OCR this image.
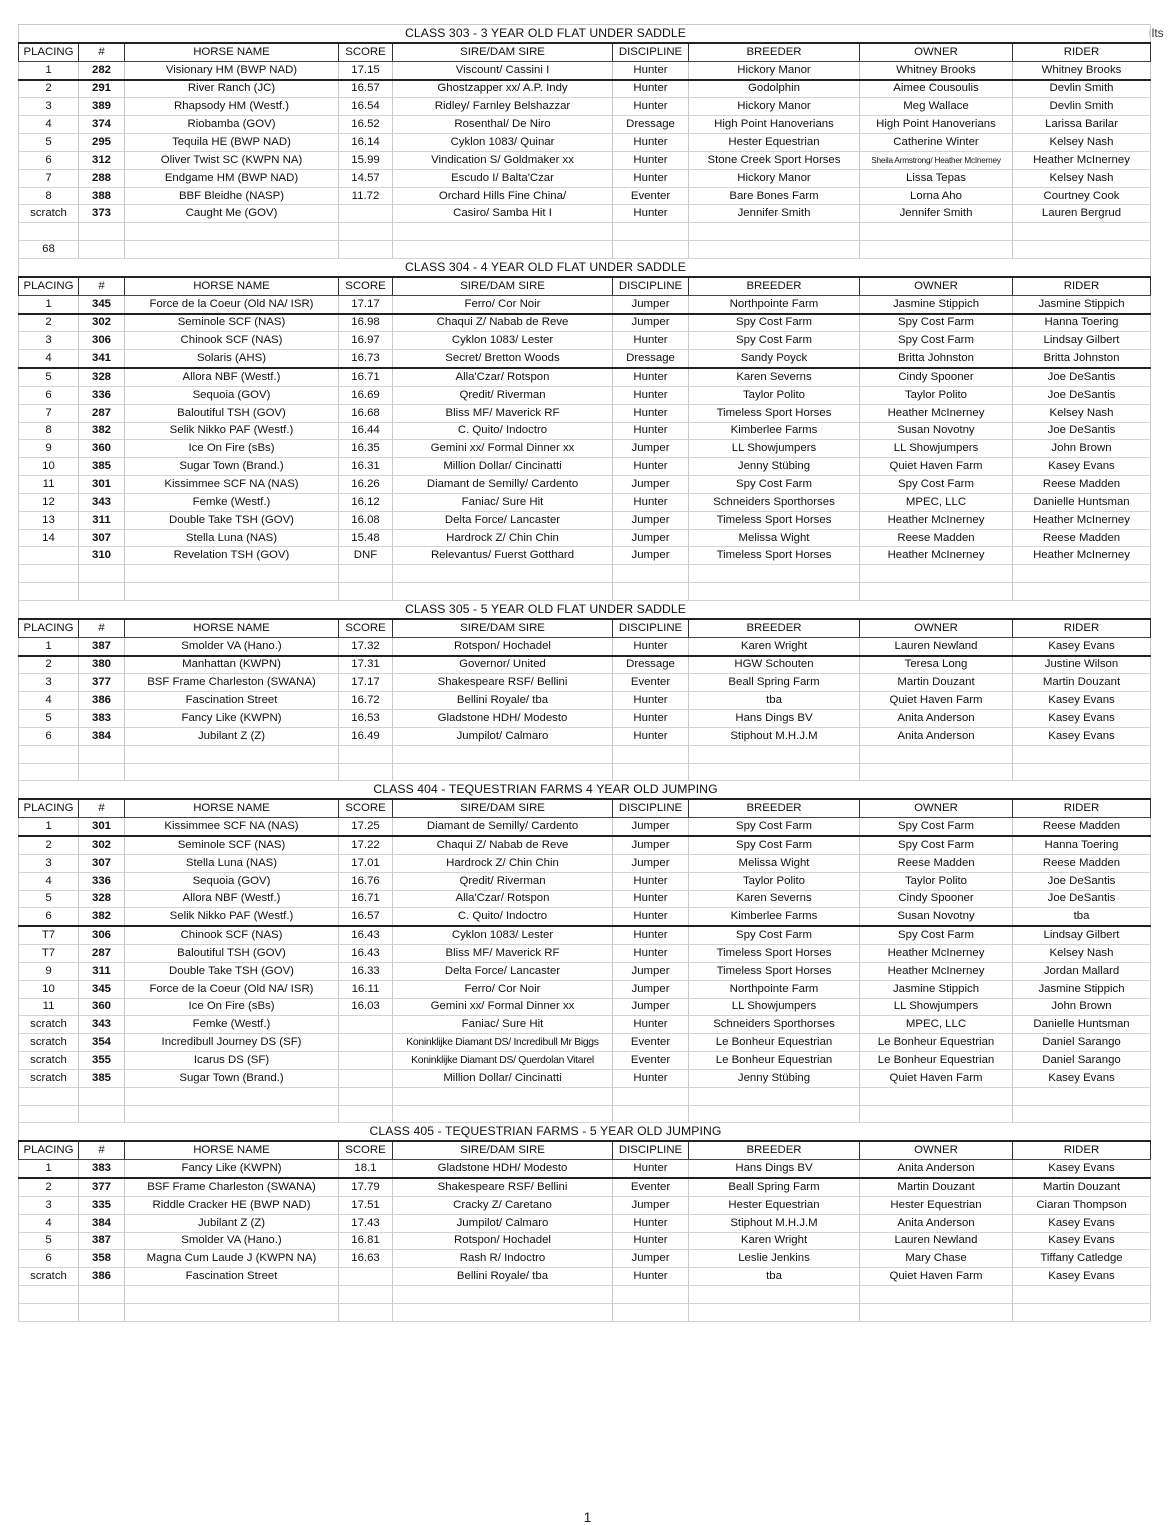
ilts
	CLASS 303 - 3 YEAR OLD FLAT UNDER SADDLE							
PLACING	#	HORSE NAME	SCORE	SIRE/DAM SIRE	DISCIPLINE	BREEDER	OWNER	RIDER
1	282	Visionary HM (BWP NAD)	17.15	Viscount/ Cassini I	Hunter	Hickory Manor	Whitney Brooks	Whitney Brooks
2	291	River Ranch (JC)	16.57	Ghostzapper xx/ A.P. Indy	Hunter	Godolphin	Aimee Cousoulis	Devlin Smith
3	389	Rhapsody HM (Westf.)	16.54	Ridley/ Farnley Belshazzar	Hunter	Hickory Manor	Meg Wallace	Devlin Smith
4	374	Riobamba (GOV)	16.52	Rosenthal/ De Niro	Dressage	High Point Hanoverians	High Point Hanoverians	Larissa Barilar
5	295	Tequila HE (BWP NAD)	16.14	Cyklon 1083/ Quinar	Hunter	Hester Equestrian	Catherine Winter	Kelsey Nash
6	312	Oliver Twist SC (KWPN NA)	15.99	Vindication S/ Goldmaker xx	Hunter	Stone Creek Sport Horses	Sheila Armstrong/ Heather McInerney	Heather McInerney
7	288	Endgame HM (BWP NAD)	14.57	Escudo I/ Balta'Czar	Hunter	Hickory Manor	Lissa Tepas	Kelsey Nash
8	388	BBF Bleidhe (NASP)	11.72	Orchard Hills Fine China/	Eventer	Bare Bones Farm	Lorna Aho	Courtney Cook
scratch	373	Caught Me (GOV)		Casiro/ Samba Hit I	Hunter	Jennifer Smith	Jennifer Smith	Lauren Bergrud

68								
	CLASS 304 - 4 YEAR OLD FLAT UNDER SADDLE							
PLACING	#	HORSE NAME	SCORE	SIRE/DAM SIRE	DISCIPLINE	BREEDER	OWNER	RIDER
1	345	Force de la Coeur (Old NA/ ISR)	17.17	Ferro/ Cor Noir	Jumper	Northpointe Farm	Jasmine Stippich	Jasmine Stippich
2	302	Seminole SCF (NAS)	16.98	Chaqui Z/ Nabab de Reve	Jumper	Spy Cost Farm	Spy Cost Farm	Hanna Toering
3	306	Chinook SCF (NAS)	16.97	Cyklon 1083/ Lester	Hunter	Spy Cost Farm	Spy Cost Farm	Lindsay Gilbert
4	341	Solaris (AHS)	16.73	Secret/ Bretton Woods	Dressage	Sandy Poyck	Britta Johnston	Britta Johnston
5	328	Allora NBF (Westf.)	16.71	Alla'Czar/ Rotspon	Hunter	Karen Severns	Cindy Spooner	Joe DeSantis
6	336	Sequoia (GOV)	16.69	Qredit/ Riverman	Hunter	Taylor Polito	Taylor Polito	Joe DeSantis
7	287	Baloutiful TSH (GOV)	16.68	Bliss MF/ Maverick RF	Hunter	Timeless Sport Horses	Heather McInerney	Kelsey Nash
8	382	Selik Nikko PAF (Westf.)	16.44	C. Quito/ Indoctro	Hunter	Kimberlee Farms	Susan Novotny	Joe DeSantis
9	360	Ice On Fire (sBs)	16.35	Gemini xx/ Formal Dinner xx	Jumper	LL Showjumpers	LL Showjumpers	John Brown
10	385	Sugar Town (Brand.)	16.31	Million Dollar/ Cincinatti	Hunter	Jenny Stübing	Quiet Haven Farm	Kasey Evans
11	301	Kissimmee SCF NA (NAS)	16.26	Diamant de Semilly/ Cardento	Jumper	Spy Cost Farm	Spy Cost Farm	Reese Madden
12	343	Femke (Westf.)	16.12	Faniac/ Sure Hit	Hunter	Schneiders Sporthorses	MPEC, LLC	Danielle Huntsman
13	311	Double Take TSH (GOV)	16.08	Delta Force/ Lancaster	Jumper	Timeless Sport Horses	Heather McInerney	Heather McInerney
14	307	Stella Luna (NAS)	15.48	Hardrock Z/ Chin Chin	Jumper	Melissa Wight	Reese Madden	Reese Madden
	310	Revelation TSH (GOV)	DNF	Relevantus/ Fuerst Gotthard	Jumper	Timeless Sport Horses	Heather McInerney	Heather McInerney

	CLASS 305 - 5 YEAR OLD FLAT UNDER SADDLE							
PLACING	#	HORSE NAME	SCORE	SIRE/DAM SIRE	DISCIPLINE	BREEDER	OWNER	RIDER
1	387	Smolder VA (Hano.)	17.32	Rotspon/ Hochadel	Hunter	Karen Wright	Lauren Newland	Kasey Evans
2	380	Manhattan (KWPN)	17.31	Governor/ United	Dressage	HGW Schouten	Teresa Long	Justine Wilson
3	377	BSF Frame Charleston (SWANA)	17.17	Shakespeare RSF/ Bellini	Eventer	Beall Spring Farm	Martin Douzant	Martin Douzant
4	386	Fascination Street	16.72	Bellini Royale/ tba	Hunter	tba	Quiet Haven Farm	Kasey Evans
5	383	Fancy Like (KWPN)	16.53	Gladstone HDH/ Modesto	Hunter	Hans Dings BV	Anita Anderson	Kasey Evans
6	384	Jubilant Z (Z)	16.49	Jumpilot/ Calmaro	Hunter	Stiphout M.H.J.M	Anita Anderson	Kasey Evans

	CLASS 404 - TEQUESTRIAN FARMS 4 YEAR OLD JUMPING							
PLACING	#	HORSE NAME	SCORE	SIRE/DAM SIRE	DISCIPLINE	BREEDER	OWNER	RIDER
1	301	Kissimmee SCF NA (NAS)	17.25	Diamant de Semilly/ Cardento	Jumper	Spy Cost Farm	Spy Cost Farm	Reese Madden
2	302	Seminole SCF (NAS)	17.22	Chaqui Z/ Nabab de Reve	Jumper	Spy Cost Farm	Spy Cost Farm	Hanna Toering
3	307	Stella Luna (NAS)	17.01	Hardrock Z/ Chin Chin	Jumper	Melissa Wight	Reese Madden	Reese Madden
4	336	Sequoia (GOV)	16.76	Qredit/ Riverman	Hunter	Taylor Polito	Taylor Polito	Joe DeSantis
5	328	Allora NBF (Westf.)	16.71	Alla'Czar/ Rotspon	Hunter	Karen Severns	Cindy Spooner	Joe DeSantis
6	382	Selik Nikko PAF (Westf.)	16.57	C. Quito/ Indoctro	Hunter	Kimberlee Farms	Susan Novotny	tba
T7	306	Chinook SCF (NAS)	16.43	Cyklon 1083/ Lester	Hunter	Spy Cost Farm	Spy Cost Farm	Lindsay Gilbert
T7	287	Baloutiful TSH (GOV)	16.43	Bliss MF/ Maverick RF	Hunter	Timeless Sport Horses	Heather McInerney	Kelsey Nash
9	311	Double Take TSH (GOV)	16.33	Delta Force/ Lancaster	Jumper	Timeless Sport Horses	Heather McInerney	Jordan Mallard
10	345	Force de la Coeur (Old NA/ ISR)	16.11	Ferro/ Cor Noir	Jumper	Northpointe Farm	Jasmine Stippich	Jasmine Stippich
11	360	Ice On Fire (sBs)	16.03	Gemini xx/ Formal Dinner xx	Jumper	LL Showjumpers	LL Showjumpers	John Brown
scratch	343	Femke (Westf.)		Faniac/ Sure Hit	Hunter	Schneiders Sporthorses	MPEC, LLC	Danielle Huntsman
scratch	354	Incredibull Journey DS (SF)		Koninklijke Diamant DS/ Incredibull Mr Biggs	Eventer	Le Bonheur Equestrian	Le Bonheur Equestrian	Daniel Sarango
scratch	355	Icarus DS (SF)		Koninklijke Diamant DS/ Querdolan Vitarel	Eventer	Le Bonheur Equestrian	Le Bonheur Equestrian	Daniel Sarango
scratch	385	Sugar Town (Brand.)		Million Dollar/ Cincinatti	Hunter	Jenny Stübing	Quiet Haven Farm	Kasey Evans

	CLASS 405 - TEQUESTRIAN FARMS - 5 YEAR OLD JUMPING							
PLACING	#	HORSE NAME	SCORE	SIRE/DAM SIRE	DISCIPLINE	BREEDER	OWNER	RIDER
1	383	Fancy Like (KWPN)	18.1	Gladstone HDH/ Modesto	Hunter	Hans Dings BV	Anita Anderson	Kasey Evans
2	377	BSF Frame Charleston (SWANA)	17.79	Shakespeare RSF/ Bellini	Eventer	Beall Spring Farm	Martin Douzant	Martin Douzant
3	335	Riddle Cracker HE (BWP NAD)	17.51	Cracky Z/ Caretano	Jumper	Hester Equestrian	Hester Equestrian	Ciaran Thompson
4	384	Jubilant Z (Z)	17.43	Jumpilot/ Calmaro	Hunter	Stiphout M.H.J.M	Anita Anderson	Kasey Evans
5	387	Smolder VA (Hano.)	16.81	Rotspon/ Hochadel	Hunter	Karen Wright	Lauren Newland	Kasey Evans
6	358	Magna Cum Laude J (KWPN NA)	16.63	Rash R/ Indoctro	Jumper	Leslie Jenkins	Mary Chase	Tiffany Catledge
scratch	386	Fascination Street		Bellini Royale/ tba	Hunter	tba	Quiet Haven Farm	Kasey Evans

1
